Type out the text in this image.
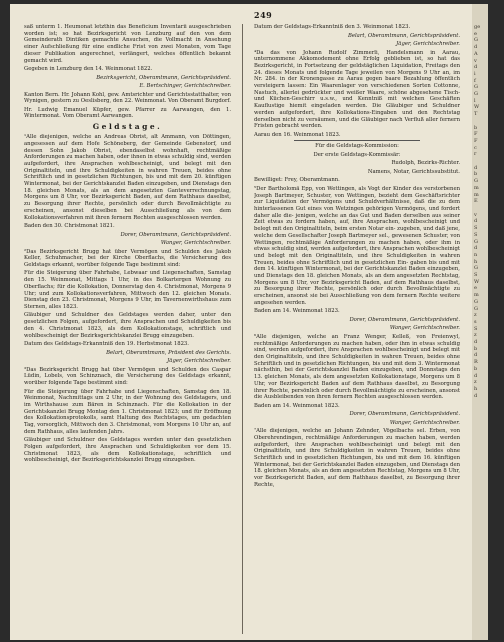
249

saß unterm 1. Heumonat letzthin das Beneficium Inventarii ausgeschrieben worden ist; so hat Bezirksgericht von Lenzburg auf den von dem Gemeinderath Dintiken gemachte Ansuchen, die Vollmacht in Ansehung einer Aufschließung für eine endliche Frist von zwei Monaten, vom Tage dieser Publikation angerechnet, verlängert, welches öffentlich bekannt gemacht wird.

Gegeben in Lenzburg den 14. Weinmonat 1822.

Bezirksgericht, Oberamtmann, Gerichtspräsident.

E. Bertschinger, Gerichtschreiber.

Kanton Bern. Hr. Johann Kohl, gew. Amtsrichter und Gerichtsstatthalter, von Wynigen, gestern zu Oeslisberg, den 22. Weinmonat. Von Oberamt Burgdorf.

Hr. Ludwig Emanuel Küpfer, gew. Pfarrer zu Aarwangen, den 1. Wintermonat. Vom Oberamt Aarwangen.

Geldstage.

¹Alle diejenigen, welche an Andreas Obrist, alt Ammann, von Döttingen, angesessen auf dem Hofe Schöneberg, der Gemeinde Gebenstorf, und dessen Sohn Jakob Obrist, ebendaselbst wohnhaft, rechtmäßige Anforderungen zu machen haben, oder ihnen in etwas schuldig sind, werden aufgefordert, ihre Ansprachen wohlbescheinigt, und belegt mit den Originaltiteln, und ihre Schuldigkeiten in wahren Treuen, beides ohne Schriftlich und in gesetzlichen Richtungen, bis und mit dem 20. künftigen Wintermonat, bei der Gerichtskanzlei Baden einzugeben, und Dienstags den 18. gleichen Monats, als an dem angesetzten Ganteverrechnungstag, Morgens um 8 Uhr, vor Bezirksgericht Baden, auf dem Rathhaus daselbst, zu Besorgung ihrer Rechte, persönlich oder durch Bevollmächtigte zu erscheinen, ansonst dieselben bei Ausschließung als von dem Kollokationsverfahren mit ihren fernern Rechten ausgeschlossen werden.

Baden den 30. Christmonat 1821.

Dorer, Oberamtmann, Gerichtspräsident.

Wanger, Gerichtschreiber.

²Das Bezirksgericht Brugg hat über Vermögen und Schulden des Jakob Keller, Schuhmacher, bei der Kirche Oberflachs, die Versicherung des Geldstags erkannt, worüber folgende Tage bestimmt sind:

Für die Steigerung über Fahrhabe, Lebwaar und Liegenschaften, Samstag den 15. Weinmonat, Mittags 1 Uhr, in des Bolkartergen Wohnung zu Oberflachs; für die Kollokation, Donnerstag den 4. Christmonat, Morgens 9 Uhr; und zum Kollokationsverfahren, Mittwoch den 12. gleichen Monats. Dienstag den 23. Christmonat, Morgens 9 Uhr, im Tavernenwirthshaus zum Sternen, alles 1823.

Gläubiger und Schuldner des Geldstages werden daher, unter den gesetzlichen Folgen, aufgefordert, ihre Ansprachen und Schuldigkeiten bis den 4. Christmonat 1823, als dem Kollokationstage, schriftlich und wohlbescheinigt der Bezirksgerichtskanzlei Brugg einzugeben.

Datum des Geldstags-Erkanntniß den 19. Herbstmonat 1823.

Belart, Oberamtmann, Präsident des Gerichts.

Jäger, Gerichtschreiber.

³Das Bezirksgericht Brugg hat über Vermögen und Schulden des Caspar Lüdin, Lobels, von Schinznach, die Versicherung des Geldstags erkannt, worüber folgende Tage bestimmt sind:

Für die Steigerung über Fahrhabe und Liegenschaften, Samstag den 18. Weinmonat, Nachmittags um 2 Uhr, in der Wohnung des Geldstagers, und im Wirthshause zum Bären in Schinznach. Für die Kollokation in der Gerichtskanzlei Brugg Montag den 1. Christmonat 1823; und für Eröffnung des Kollokationsprotokolls, samt Haltung des Rechtstages, um gedachten Tag, vorsorglich, Mittwoch den 3. Christmonat, vom Morgens 10 Uhr an, auf dem Rathhaus, alles laufenden Jahrs.

Gläubiger und Schuldner des Geldstages werden unter den gesetzlichen Folgen aufgefordert, ihre Ansprachen und Schuldigkeiten vor dem 15. Christmonat 1823, als dem Kollokationstage, schriftlich und wohlbescheinigt, der Bezirksgerichtskanzlei Brugg einzugeben.

Datum der Geldstags-Erkanntniß den 3. Weinmonat 1823.

Belart, Oberamtmann, Gerichtspräsident.

Jäger, Gerichtschreiber.

⁴Da das von Johann Rudolf Zimmerli, Handelsmann in Aarau, unternommene Akkomodement ohne Erfolg geblieben ist, so hat das Bezirksgericht, in Fortsetzung der geldstäglichen Liquidation, Freitags den 24. dieses Monats und folgende Tage jeweilen von Morgens 9 Uhr an, im Nr. 284. in der Kronengasse zu Aarau gegen baare Bezahlung öffentlich versteigern lassen: Ein Waarenlager von verschiedenen Sorten Cottonne, Nastuch, allerlei gedrückter und weißer Waare, schöne abgesehene Tisch- und Küchen-Geschirr u.s.w., und Kenntniß mit welchen Geschäften Kauflustige hiemit eingeladen werden. Die Gläubiger und Schuldner werden aufgefordert, ihre Kollokations-Eingaben und den Rechtstag derselben nicht zu versäumen, und die Gläubiger nach Verfluß aller fernern Fristen gebracht werden.

Aarau den 16. Weinmonat 1823.

Für die Geldstags-Kommission:

Der erste Geldstags-Kommissär:

Rudolph, Bezirks-Richter.

Namens, Notar, Gerichtssubstitut.

Bewilliget: Frey, Oberamtmann.

⁵Der Bartholomä Epp, von Wettingen, als Vogt der Kinder des verstorbenen Joseph Bartmeyer, Schuster, von Wettingen, bezieht dem Geschäftsrichter zur Liquidation der Vermögens und Schuldverhältnisse, daß die zu dem hinterlassenen Gut eines von Wetzingen gehörigen Vermögens, und fordert daher alle die- jenigen, welche an das Gut und Baden derselben aus seiner Zeit etwas zu fordern haben, auf, ihre Ansprachen, wohlbescheinigt und belegt mit den Originaltiteln, beim ersten Notar ein- zugeben, und daß jene, welche dem Gesellschafter Joseph Bartmeyer sel., gewesenen Schuster, von Wettingen, rechtmäßige Anforderungen zu machen haben, oder ihm in etwas schuldig sind, werden aufgefordert, ihre Ansprachen wohlbescheinigt und belegt mit den Originaltiteln, und ihre Schuldigkeiten in wahren Treuen, beides ohne Schriftlich und in gesetzlichen Ein- gaben bis und mit dem 14. künftigen Wintermonat, bei der Gerichtskanzlei Baden einzugeben, und Dienstags den 18. gleichen Monats, als an dem angesetzten Rechtstag, Morgens um 8 Uhr, vor Bezirksgericht Baden, auf dem Rathhaus daselbst, zu Besorgung ihrer Rechte, persönlich oder durch Bevollmächtigte zu erscheinen, ansonst sie bei Ausschließung von dem fernern Rechte weitere angesehen werden.

Baden am 14. Weinmonat 1823.

Dorer, Oberamtmann, Gerichtspräsident.

Wanger, Gerichtschreiber.

⁶Alle diejenigen, welche an Franz Wenger, Kelleß, von Freienwyl, rechtmäßige Anforderungen zu machen haben, oder ihm in etwas schuldig sind, werden aufgefordert, ihre Ansprachen wohlbescheinigt und belegt mit den Originaltiteln, und ihre Schuldigkeiten in wahren Treuen, beides ohne Schriftlich und in gesetzlichen Richtungen, bis und mit dem 3. Wintermonat nächsthin, bei der Gerichtskanzlei Baden einzugeben, und Donnstags den 13. gleichen Monats, als dem angesetzten Kollokationstage, Morgens um 8 Uhr, vor Bezirksgericht Baden auf dem Rathhaus daselbst, zu Besorgung ihrer Rechte, persönlich oder durch Bevollmächtigte zu erscheinen, ansonst die Ausbleibenden von ihren fernern Rechten ausgeschlossen werden.

Baden am 14. Weinmonat 1823.

Dorer, Oberamtmann, Gerichtspräsident.

Wanger, Gerichtschreiber.

⁷Alle diejenigen, welche an Johann Zehnder, Vögelbachs sel. Erben, von Oberehrendingen, rechtmäßige Anforderungen zu machen haben, werden aufgefordert, ihre Ansprachen wohlbescheinigt und belegt mit den Originaltiteln, und ihre Schuldigkeiten in wahren Treuen, beides ohne Schriftlich und in gesetzlichen Richtungen, bis und mit dem 16. künftigen Wintermonat, bei der Gerichtskanzlei Baden einzugeben, und Dienstags den 18. gleichen Monats, als an dem angesetzten Rechtstag, Morgens um 8 Uhr, vor Bezirksgericht Baden, auf dem Rathhaus daselbst, zu Besorgung ihrer Rechte,

ge
e
G
d
A
v
d
i
f
G
G
l
W
T

b
F
F
c
r

d
b
G
m
m
E

v
d
S
S
G
d
n
h
G
S
W
e
m
G
G
z
s
S
z
d
b
d
R
b
d
z
h
d
